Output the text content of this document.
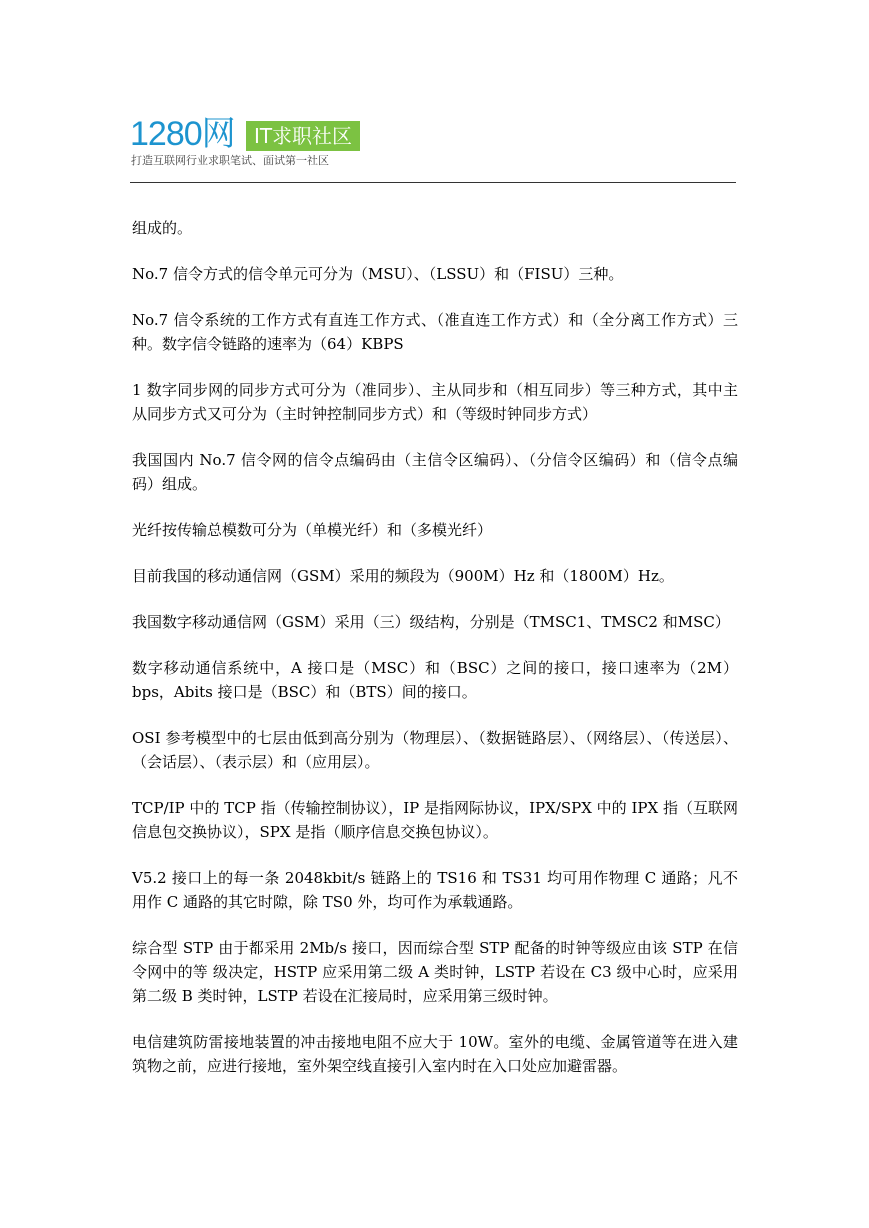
1280网 IT求职社区
打造互联网行业求职笔试、面试第一社区

组成的。

No.7 信令方式的信令单元可分为（MSU）、（LSSU）和（FISU）三种。

No.7 信令系统的工作方式有直连工作方式、（准直连工作方式）和（全分离工作方式）三种。数字信令链路的速率为（64）KBPS

1 数字同步网的同步方式可分为（准同步）、主从同步和（相互同步）等三种方式，其中主从同步方式又可分为（主时钟控制同步方式）和（等级时钟同步方式）

我国国内 No.7 信令网的信令点编码由（主信令区编码）、（分信令区编码）和（信令点编码）组成。

光纤按传输总模数可分为（单模光纤）和（多模光纤）

目前我国的移动通信网（GSM）采用的频段为（900M）Hz 和（1800M）Hz。

我国数字移动通信网（GSM）采用（三）级结构，分别是（TMSC1、TMSC2 和MSC）

数字移动通信系统中，A 接口是（MSC）和（BSC）之间的接口，接口速率为（2M）bps，Abits 接口是（BSC）和（BTS）间的接口。

OSI 参考模型中的七层由低到高分别为（物理层）、（数据链路层）、（网络层）、（传送层）、（会话层）、（表示层）和（应用层）。

TCP/IP 中的 TCP 指（传输控制协议），IP 是指网际协议，IPX/SPX 中的 IPX 指（互联网信息包交换协议），SPX 是指（顺序信息交换包协议）。

V5.2 接口上的每一条 2048kbit/s 链路上的 TS16 和 TS31 均可用作物理 C 通路；凡不用作 C 通路的其它时隙，除 TS0 外，均可作为承载通路。

综合型 STP 由于都采用 2Mb/s 接口，因而综合型 STP 配备的时钟等级应由该 STP 在信令网中的等 级决定，HSTP 应采用第二级 A 类时钟，LSTP 若设在 C3 级中心时，应采用第二级 B 类时钟，LSTP 若设在汇接局时，应采用第三级时钟。

电信建筑防雷接地装置的冲击接地电阻不应大于 10W。室外的电缆、金属管道等在进入建筑物之前，应进行接地，室外架空线直接引入室内时在入口处应加避雷器。
